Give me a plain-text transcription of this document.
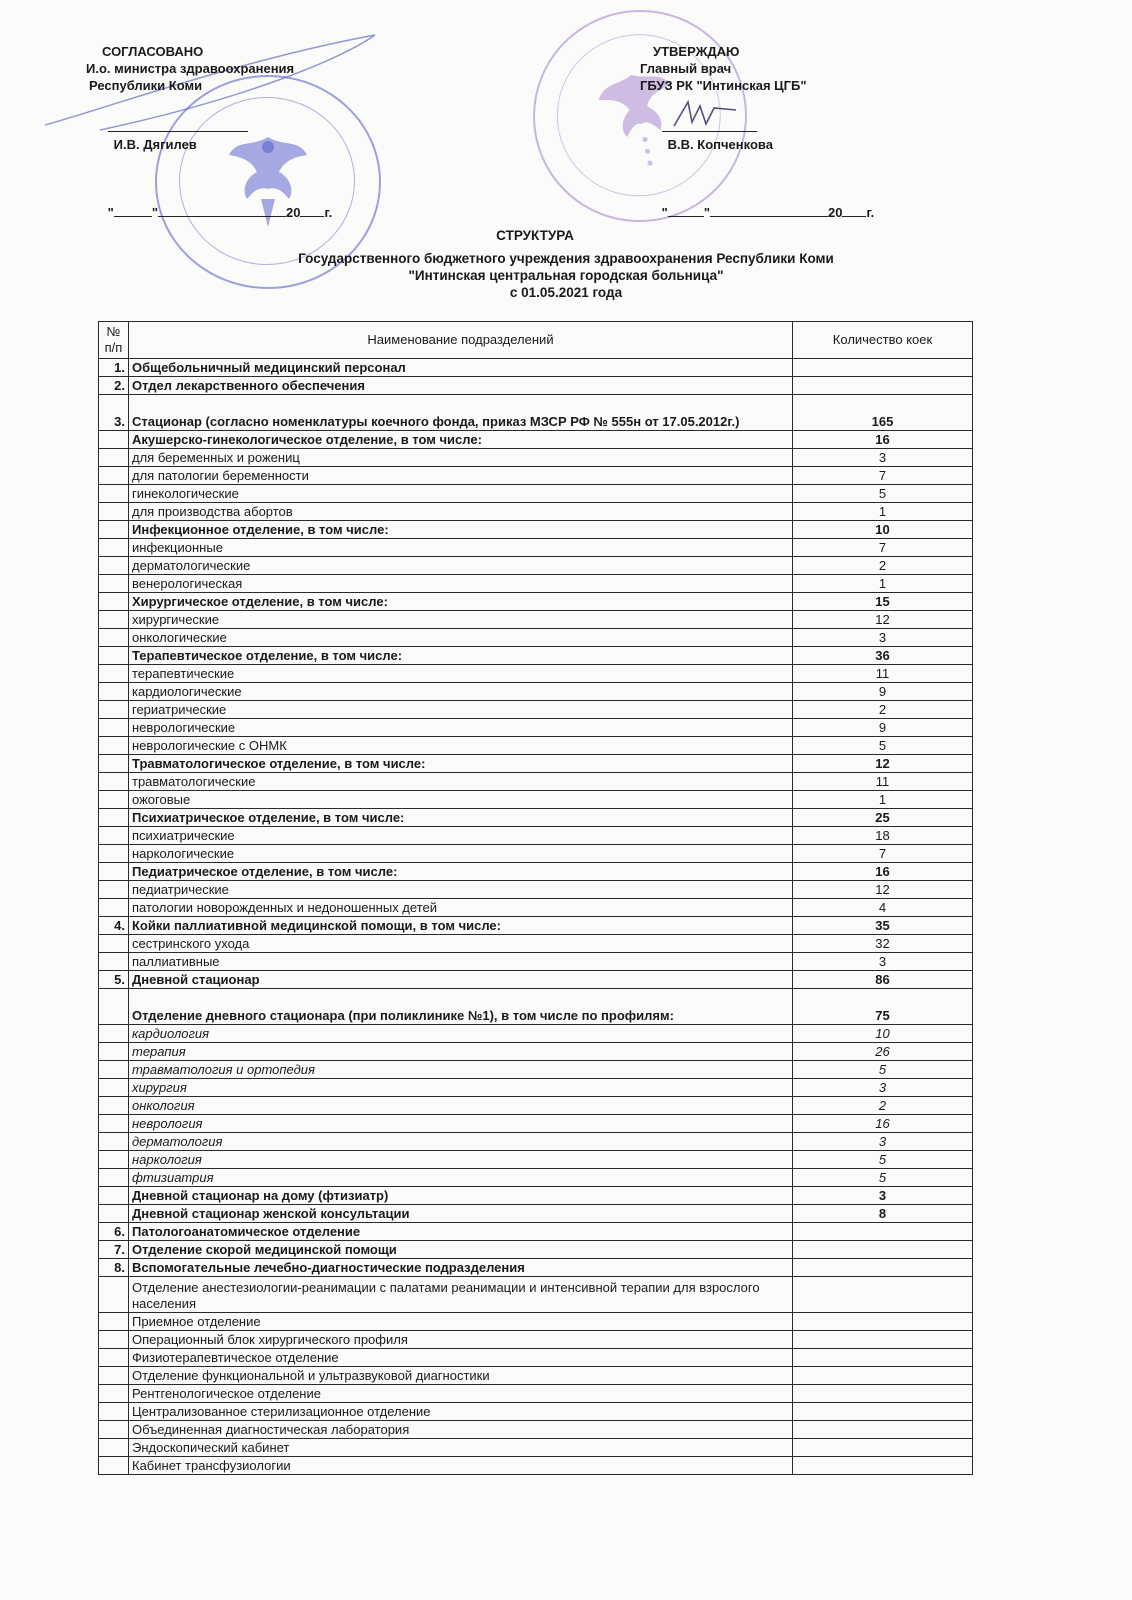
СОГЛАСОВАНО
И.о. министра здравоохранения
Республики Коми

И.В. Дягилев

"	"	20 г.

УТВЕРЖДАЮ
Главный врач
ГБУЗ РК "Интинская ЦГБ"

В.В. Копченкова

"	"	20 г.

СТРУКТУРА
Государственного бюджетного учреждения здравоохранения Республики Коми
"Интинская центральная городская больница"
с 01.05.2021 года
№ п/п	Наименование подразделений	Количество коек
1.	Общебольничный медицинский персонал	
2.	Отдел лекарственного обеспечения	
3.	Стационар (согласно номенклатуры коечного фонда, приказ МЗСР РФ № 555н от 17.05.2012г.)	165
	Акушерско-гинекологическое отделение, в том числе:	16
	для беременных и рожениц	3
	для патологии беременности	7
	гинекологические	5
	для производства абортов	1
	Инфекционное отделение, в том числе:	10
	инфекционные	7
	дерматологические	2
	венерологическая	1
	Хирургическое отделение, в том числе:	15
	хирургические	12
	онкологические	3
	Терапевтическое отделение, в том числе:	36
	терапевтические	11
	кардиологические	9
	гериатрические	2
	неврологические	9
	неврологические с ОНМК	5
	Травматологическое отделение, в том числе:	12
	травматологические	11
	ожоговые	1
	Психиатрическое отделение, в том числе:	25
	психиатрические	18
	наркологические	7
	Педиатрическое отделение, в том числе:	16
	педиатрические	12
	патологии новорожденных и недоношенных детей	4
4.	Койки паллиативной медицинской помощи, в том числе:	35
	сестринского ухода	32
	паллиативные	3
5.	Дневной стационар	86
	Отделение дневного стационара (при поликлинике №1), в том числе по профилям:	75
	кардиология	10
	терапия	26
	травматология и ортопедия	5
	хирургия	3
	онкология	2
	неврология	16
	дерматология	3
	наркология	5
	фтизиатрия	5
	Дневной стационар на дому (фтизиатр)	3
	Дневной стационар женской консультации	8
6.	Патологоанатомическое отделение	
7.	Отделение скорой медицинской помощи	
8.	Вспомогательные лечебно-диагностические подразделения	
	Отделение анестезиологии-реанимации с палатами реанимации и интенсивной терапии для взрослого населения	
	Приемное отделение	
	Операционный блок хирургического профиля	
	Физиотерапевтическое отделение	
	Отделение функциональной и ультразвуковой диагностики	
	Рентгенологическое отделение	
	Централизованное стерилизационное отделение	
	Объединенная диагностическая лаборатория	
	Эндоскопический кабинет	
	Кабинет трансфузиологии	
